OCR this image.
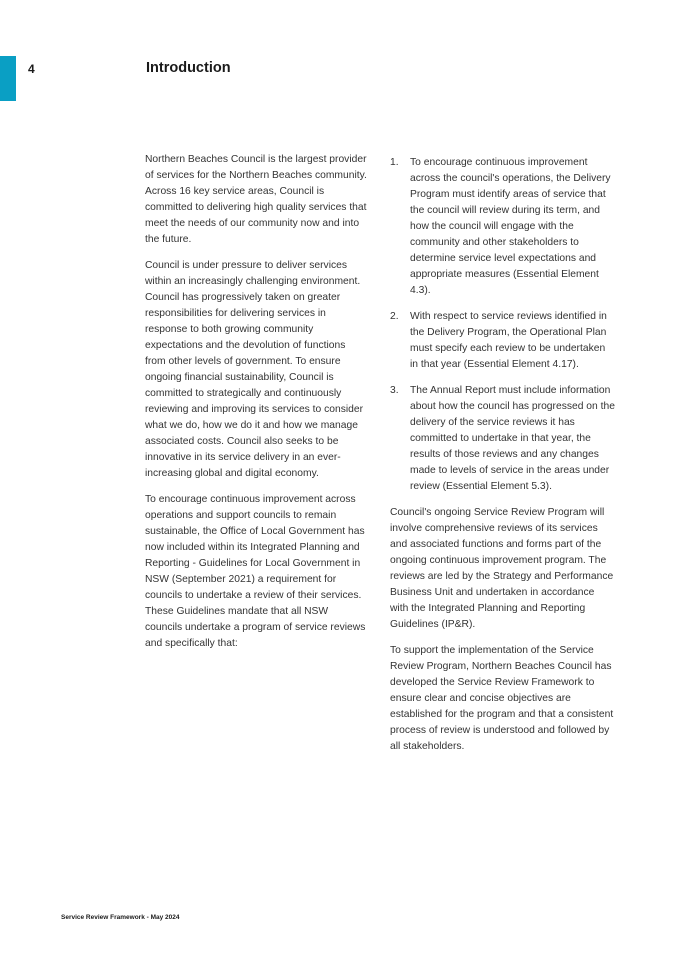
4	Introduction

Northern Beaches Council is the largest provider of services for the Northern Beaches community. Across 16 key service areas, Council is committed to delivering high quality services that meet the needs of our community now and into the future.

Council is under pressure to deliver services within an increasingly challenging environment. Council has progressively taken on greater responsibilities for delivering services in response to both growing community expectations and the devolution of functions from other levels of government. To ensure ongoing financial sustainability, Council is committed to strategically and continuously reviewing and improving its services to consider what we do, how we do it and how we manage associated costs. Council also seeks to be innovative in its service delivery in an ever-increasing global and digital economy.

To encourage continuous improvement across operations and support councils to remain sustainable, the Office of Local Government has now included within its Integrated Planning and Reporting - Guidelines for Local Government in NSW (September 2021) a requirement for councils to undertake a review of their services. These Guidelines mandate that all NSW councils undertake a program of service reviews and specifically that:

1. To encourage continuous improvement across the council's operations, the Delivery Program must identify areas of service that the council will review during its term, and how the council will engage with the community and other stakeholders to determine service level expectations and appropriate measures (Essential Element 4.3).
2. With respect to service reviews identified in the Delivery Program, the Operational Plan must specify each review to be undertaken in that year (Essential Element 4.17).
3. The Annual Report must include information about how the council has progressed on the delivery of the service reviews it has committed to undertake in that year, the results of those reviews and any changes made to levels of service in the areas under review (Essential Element 5.3).

Council's ongoing Service Review Program will involve comprehensive reviews of its services and associated functions and forms part of the ongoing continuous improvement program. The reviews are led by the Strategy and Performance Business Unit and undertaken in accordance with the Integrated Planning and Reporting Guidelines (IP&R).

To support the implementation of the Service Review Program, Northern Beaches Council has developed the Service Review Framework to ensure clear and concise objectives are established for the program and that a consistent process of review is understood and followed by all stakeholders.

Service Review Framework - May 2024
